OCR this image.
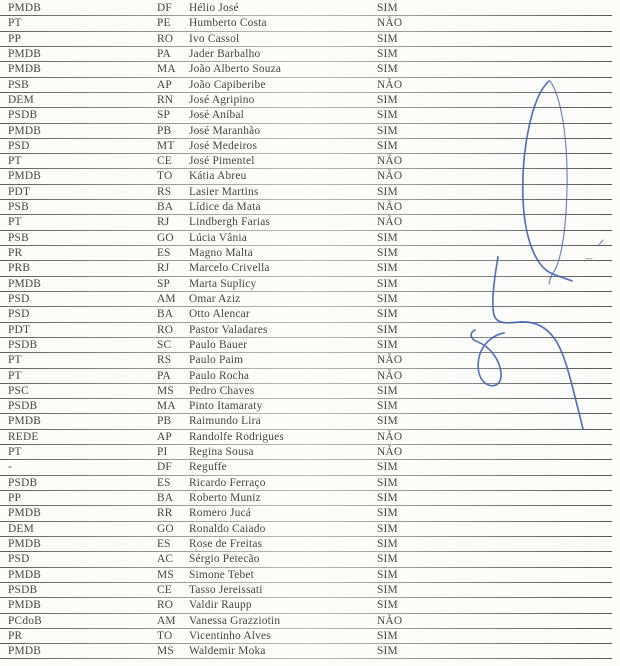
PMDB	DF Hélio José	SIM
PT	PE Humberto Costa	NÃO
PP	RO Ivo Cassol	SIM
PMDB	PA Jader Barbalho	SIM
PMDB	MA João Alberto Souza	SIM
PSB	AP João Capiberibe	NÃO
DEM	RN José Agripino	SIM
PSDB	SP José Aníbal	SIM
PMDB	PB José Maranhão	SIM
PSD	MT José Medeiros	SIM
PT	CE José Pimentel	NÃO
PMDB	TO Kátia Abreu	NÃO
PDT	RS Lasier Martins	SIM
PSB	BA Lídice da Mata	NÃO
PT	RJ Lindbergh Farias	NÃO
PSB	GO Lúcia Vânia	SIM
PR	ES Magno Malta	SIM
PRB	RJ Marcelo Crivella	SIM
PMDB	SP Marta Suplicy	SIM
PSD	AM Omar Aziz	SIM
PSD	BA Otto Alencar	SIM
PDT	RO Pastor Valadares	SIM
PSDB	SC Paulo Bauer	SIM
PT	RS Paulo Paim	NÃO
PT	PA Paulo Rocha	NÃO
PSC	MS Pedro Chaves	SIM
PSDB	MA Pinto Itamaraty	SIM
PMDB	PB Raimundo Lira	SIM
REDE	AP Randolfe Rodrigues	NÃO
PT	PI Regina Sousa	NÃO
-	DF Reguffe	SIM
PSDB	ES Ricardo Ferraço	SIM
PP	BA Roberto Muniz	SIM
PMDB	RR Romero Jucá	SIM
DEM	GO Ronaldo Caiado	SIM
PMDB	ES Rose de Freitas	SIM
PSD	AC Sérgio Petecão	SIM
PMDB	MS Simone Tebet	SIM
PSDB	CE Tasso Jereissati	SIM
PMDB	RO Valdir Raupp	SIM
PCdoB	AM Vanessa Grazziotin	NÃO
PR	TO Vicentinho Alves	SIM
PMDB	MS Waldemir Moka	SIM
